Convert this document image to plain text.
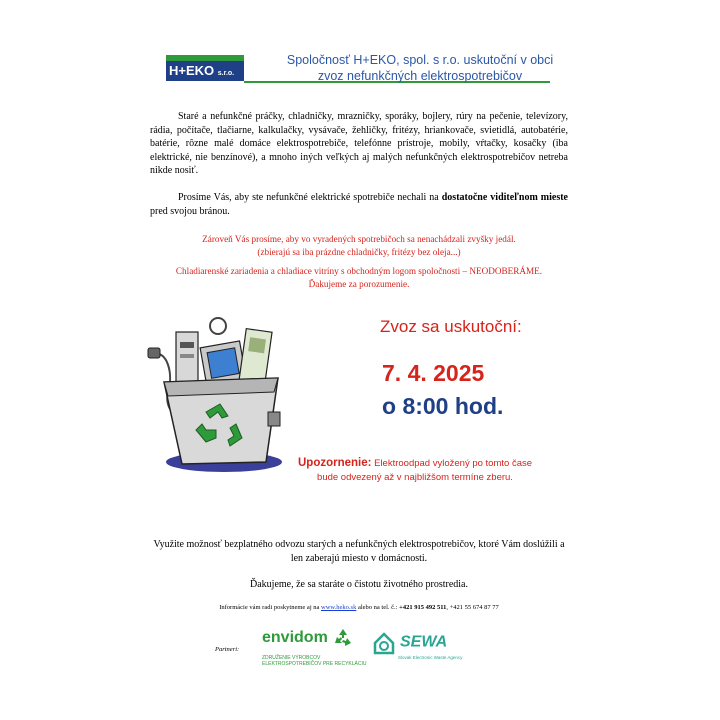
H+EKO s.r.o.
Spoločnosť H+EKO, spol. s r.o. uskutoční v obci
zvoz nefunkčných elektrospotrebičov
Staré a nefunkčné práčky, chladničky, mrazničky, sporáky, bojlery, rúry na pečenie, televízory, rádia, počítače, tlačiarne, kalkulačky, vysávače, žehličky, fritézy, hriankovače, svietidlá, autobatérie, batérie, rôzne malé domáce elektrospotrebiče, telefónne prístroje, mobily, vŕtačky, kosačky (iba elektrické, nie benzínové), a mnoho iných veľkých aj malých nefunkčných elektrospotrebičov netreba nikde nosiť.
Prosíme Vás, aby ste nefunkčné elektrické spotrebiče nechali na dostatočne viditeľnom mieste pred svojou bránou.
Zároveň Vás prosíme, aby vo vyradených spotrebičoch sa nenachádzali zvyšky jedál.
(zbierajú sa iba prázdne chladničky, fritézy bez oleja...)
Chladiarenské zariadenia a chladiace vitríny s obchodným logom spoločnosti – NEODOBERÁME.
Ďakujeme za porozumenie.
Zvoz sa uskutoční:
7. 4. 2025
o 8:00 hod.
Upozornenie: Elektroodpad vyložený po tomto čase bude odvezený až v najbližšom termíne zberu.
Využite možnosť bezplatného odvozu starých a nefunkčných elektrospotrebičov, ktoré Vám doslúžili a len zaberajú miesto v domácnosti.
Ďakujeme, že sa staráte o čistotu životného prostredia.
Informácie vám radi poskytneme aj na www.heko.sk alebo na tel. č.: +421 915 492 511, +421 55 674 87 77
Partneri:
envidom
ZDRUŽENIE VÝROBCOV
ELEKTROSPOTREBIČOV PRE RECYKLÁCIU
SEWA
Slovak Electronic Waste Agency
